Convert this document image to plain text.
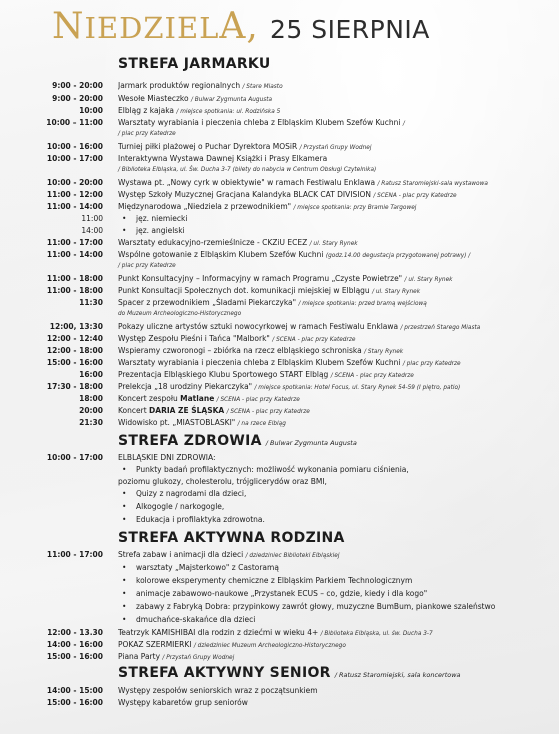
NIEDZIELA, 25 SIERPNIA
STREFA JARMARKU
9:00 - 20:00 Jarmark produktów regionalnych / Stare Miasto
9:00 - 20:00 Wesołe Miasteczko / Bulwar Zygmunta Augusta
10:00 Elbląg z kajaka / miejsce spotkania: ul. Rodzińska 5
10:00 – 11:00 Warsztaty wyrabiania i pieczenia chleba z Elbląskim Klubem Szefów Kuchni /
10:00 - 16:00 Turniej piłki plażowej o Puchar Dyrektora MOSiR / Przystań Grupy Wodnej
10:00 - 17:00 Interaktywna Wystawa Dawnej Książki i Prasy Elkamera
10:00 - 20:00 Wystawa pt. „Nowy cyrk w obiektywie" w ramach Festiwalu Enklawa / Ratusz Staromiejski-sala wystawowa
11:00 - 12:00 Występ Szkoły Muzycznej Gracjana Kalandyka BLACK CAT DIVISION / SCENA - plac przy Katedrze
11:00 - 14:00 Międzynarodowa „Niedziela z przewodnikiem" / miejsce spotkania: przy Bramie Targowej
11:00 - 17:00 Warsztaty edukacyjno-rzemieślnicze - CKZiU ECEZ / ul. Stary Rynek
11:00 - 14:00 Wspólne gotowanie z Elbląskim Klubem Szefów Kuchni (godz.14.00 degustacja przygotowanej potrawy) /
11:00 - 18:00 Punkt Konsultacyjny – Informacyjny w ramach Programu „Czyste Powietrze" / ul. Stary Rynek
11:00 - 18:00 Punkt Konsultacji Społecznych dot. komunikacji miejskiej w Elblągu / ul. Stary Rynek
11:30 Spacer z przewodnikiem „Śladami Piekarczyka" / miejsce spotkania: przed bramą wejściową
12:00, 13:30 Pokazy uliczne artystów sztuki nowocyrkowej w ramach Festiwalu Enklawa / przestrzeń Starego Miasta
12:00 - 12:40 Występ Zespołu Pieśni i Tańca "Malbork" / SCENA - plac przy Katedrze
12:00 - 18:00 Wspieramy czworonogi – zbiórka na rzecz elbląskiego schroniska / Stary Rynek
15:00 - 16:00 Warsztaty wyrabiania i pieczenia chleba z Elbląskim Klubem Szefów Kuchni / plac przy Katedrze
16:00 Prezentacja Elbląskiego Klubu Sportowego START Elbląg / SCENA - plac przy Katedrze
17:30 - 18:00 Prelekcja „18 urodziny Piekarczyka" / miejsce spotkania: Hotel Focus, ul. Stary Rynek 54-59 (I piętro, patio)
18:00 Koncert zespołu Matlane / SCENA - plac przy Katedrze
20:00 Koncert DARIA ZE ŚLĄSKA / SCENA - plac przy Katedrze
21:30 Widowisko pt. „MIASTOBLASKI" / na rzece Elbląg
/ plac przy Katedrze
/ Biblioteka Elbląska, ul. Św. Ducha 3-7 (bilety do nabycia w Centrum Obsługi Czytelnika)
/ plac przy Katedrze
do Muzeum Archeologiczno-Historycznego
11:00	• jęz. niemiecki
14:00	• jęz. angielski
STREFA ZDROWIA / Bulwar Zygmunta Augusta
10:00 - 17:00 ELBLĄSKIE DNI ZDROWIA:
• Punkty badań profilaktycznych: możliwość wykonania pomiaru ciśnienia,
poziomu glukozy, cholesterolu, trójglicerydów oraz BMI,
• Quizy z nagrodami dla dzieci,
• Alkogogle / narkogogle,
• Edukacja i profilaktyka zdrowotna.
STREFA AKTYWNA RODZINA
11:00 - 17:00 Strefa zabaw i animacji dla dzieci / dziedziniec Biblioteki Elbląskiej
• warsztaty „Majsterkowo" z Castoramą
• kolorowe eksperymenty chemiczne z Elbląskim Parkiem Technologicznym
• animacje zabawowo-naukowe „Przystanek ECUS – co, gdzie, kiedy i dla kogo"
• zabawy z Fabryką Dobra: przypinkowy zawrót głowy, muzyczne BumBum, piankowe szaleństwo
• dmuchańce-skakańce dla dzieci
12:00 - 13.30 Teatrzyk KAMISHIBAI dla rodzin z dziećmi w wieku 4+ / Biblioteka Elbląska, ul. św. Ducha 3-7
14:00 - 16:00 POKAZ SZERMIERKI / dziedziniec Muzeum Archeologiczno-Historycznego
15:00 - 16:00 Piana Party / Przystań Grupy Wodnej
STREFA AKTYWNY SENIOR / Ratusz Staromiejski, sala koncertowa
14:00 - 15:00 Występy zespołów seniorskich wraz z początsunkiem
15:00 - 16:00 Występy kabaretów grup seniorów
